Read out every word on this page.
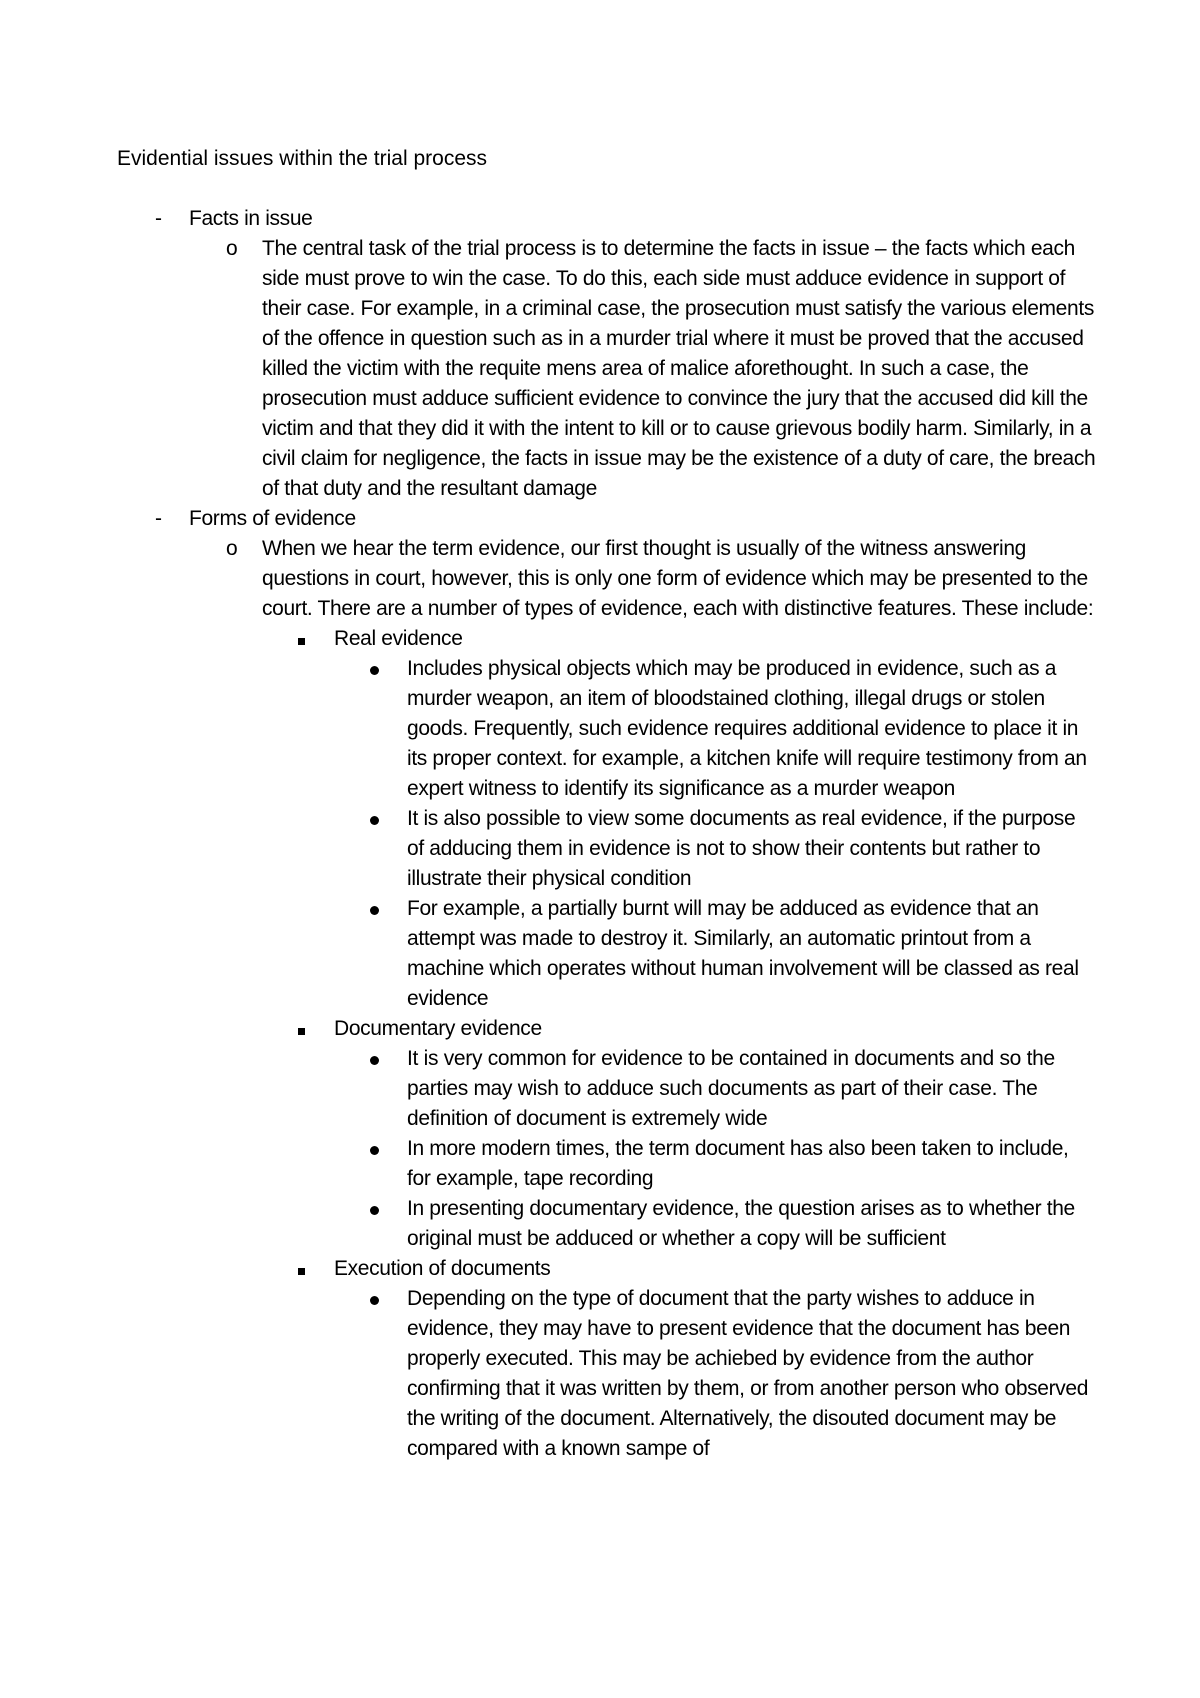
Evidential issues within the trial process
- Facts in issue
o The central task of the trial process is to determine the facts in issue – the facts which each side must prove to win the case. To do this, each side must adduce evidence in support of their case. For example, in a criminal case, the prosecution must satisfy the various elements of the offence in question such as in a murder trial where it must be proved that the accused killed the victim with the requite mens area of malice aforethought. In such a case, the prosecution must adduce sufficient evidence to convince the jury that the accused did kill the victim and that they did it with the intent to kill or to cause grievous bodily harm. Similarly, in a civil claim for negligence, the facts in issue may be the existence of a duty of care, the breach of that duty and the resultant damage
- Forms of evidence
o When we hear the term evidence, our first thought is usually of the witness answering questions in court, however, this is only one form of evidence which may be presented to the court. There are a number of types of evidence, each with distinctive features. These include:
Real evidence
Includes physical objects which may be produced in evidence, such as a murder weapon, an item of bloodstained clothing, illegal drugs or stolen goods. Frequently, such evidence requires additional evidence to place it in its proper context. for example, a kitchen knife will require testimony from an expert witness to identify its significance as a murder weapon
It is also possible to view some documents as real evidence, if the purpose of adducing them in evidence is not to show their contents but rather to illustrate their physical condition
For example, a partially burnt will may be adduced as evidence that an attempt was made to destroy it. Similarly, an automatic printout from a machine which operates without human involvement will be classed as real evidence
Documentary evidence
It is very common for evidence to be contained in documents and so the parties may wish to adduce such documents as part of their case. The definition of document is extremely wide
In more modern times, the term document has also been taken to include, for example, tape recording
In presenting documentary evidence, the question arises as to whether the original must be adduced or whether a copy will be sufficient
Execution of documents
Depending on the type of document that the party wishes to adduce in evidence, they may have to present evidence that the document has been properly executed. This may be achiebed by evidence from the author confirming that it was written by them, or from another person who observed the writing of the document. Alternatively, the disouted document may be compared with a known sampe of
